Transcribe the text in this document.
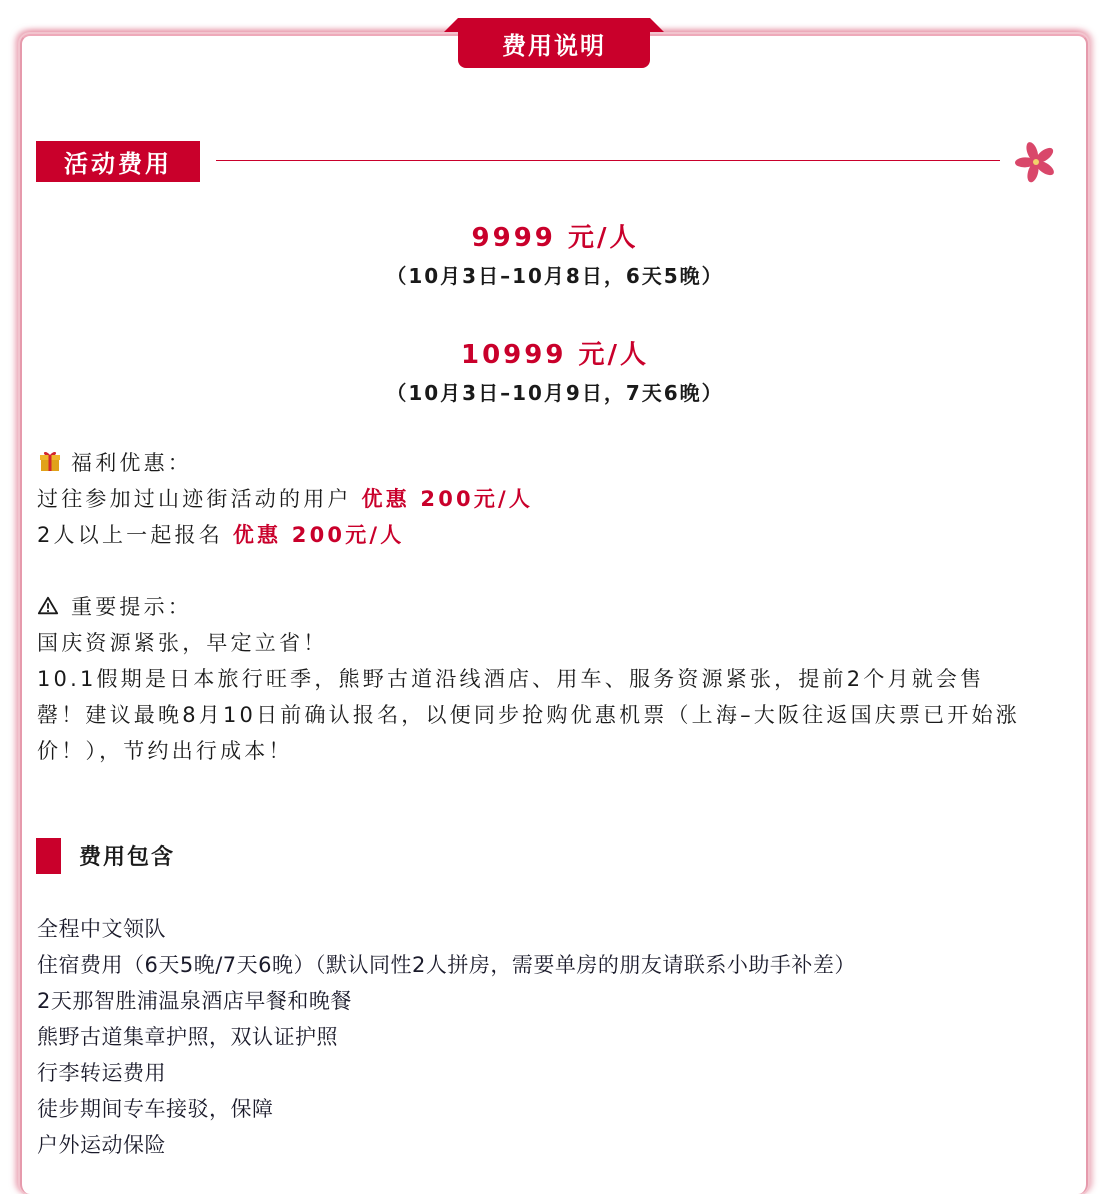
费用说明
活动费用
9999 元/人
（10月3日–10月8日，6天5晚）
10999 元/人
（10月3日–10月9日，7天6晚）
福利优惠：
过往参加过山迹街活动的用户 优惠 200元/人
2人以上一起报名 优惠 200元/人
重要提示：
国庆资源紧张，早定立省！
10.1假期是日本旅行旺季，熊野古道沿线酒店、用车、服务资源紧张，提前2个月就会售
罄！建议最晚8月10日前确认报名，以便同步抢购优惠机票（上海–大阪往返国庆票已开始涨
价！），节约出行成本！
费用包含
全程中文领队
住宿费用（6天5晚/7天6晚）（默认同性2人拼房，需要单房的朋友请联系小助手补差）
2天那智胜浦温泉酒店早餐和晚餐
熊野古道集章护照，双认证护照
行李转运费用
徒步期间专车接驳，保障
户外运动保险
